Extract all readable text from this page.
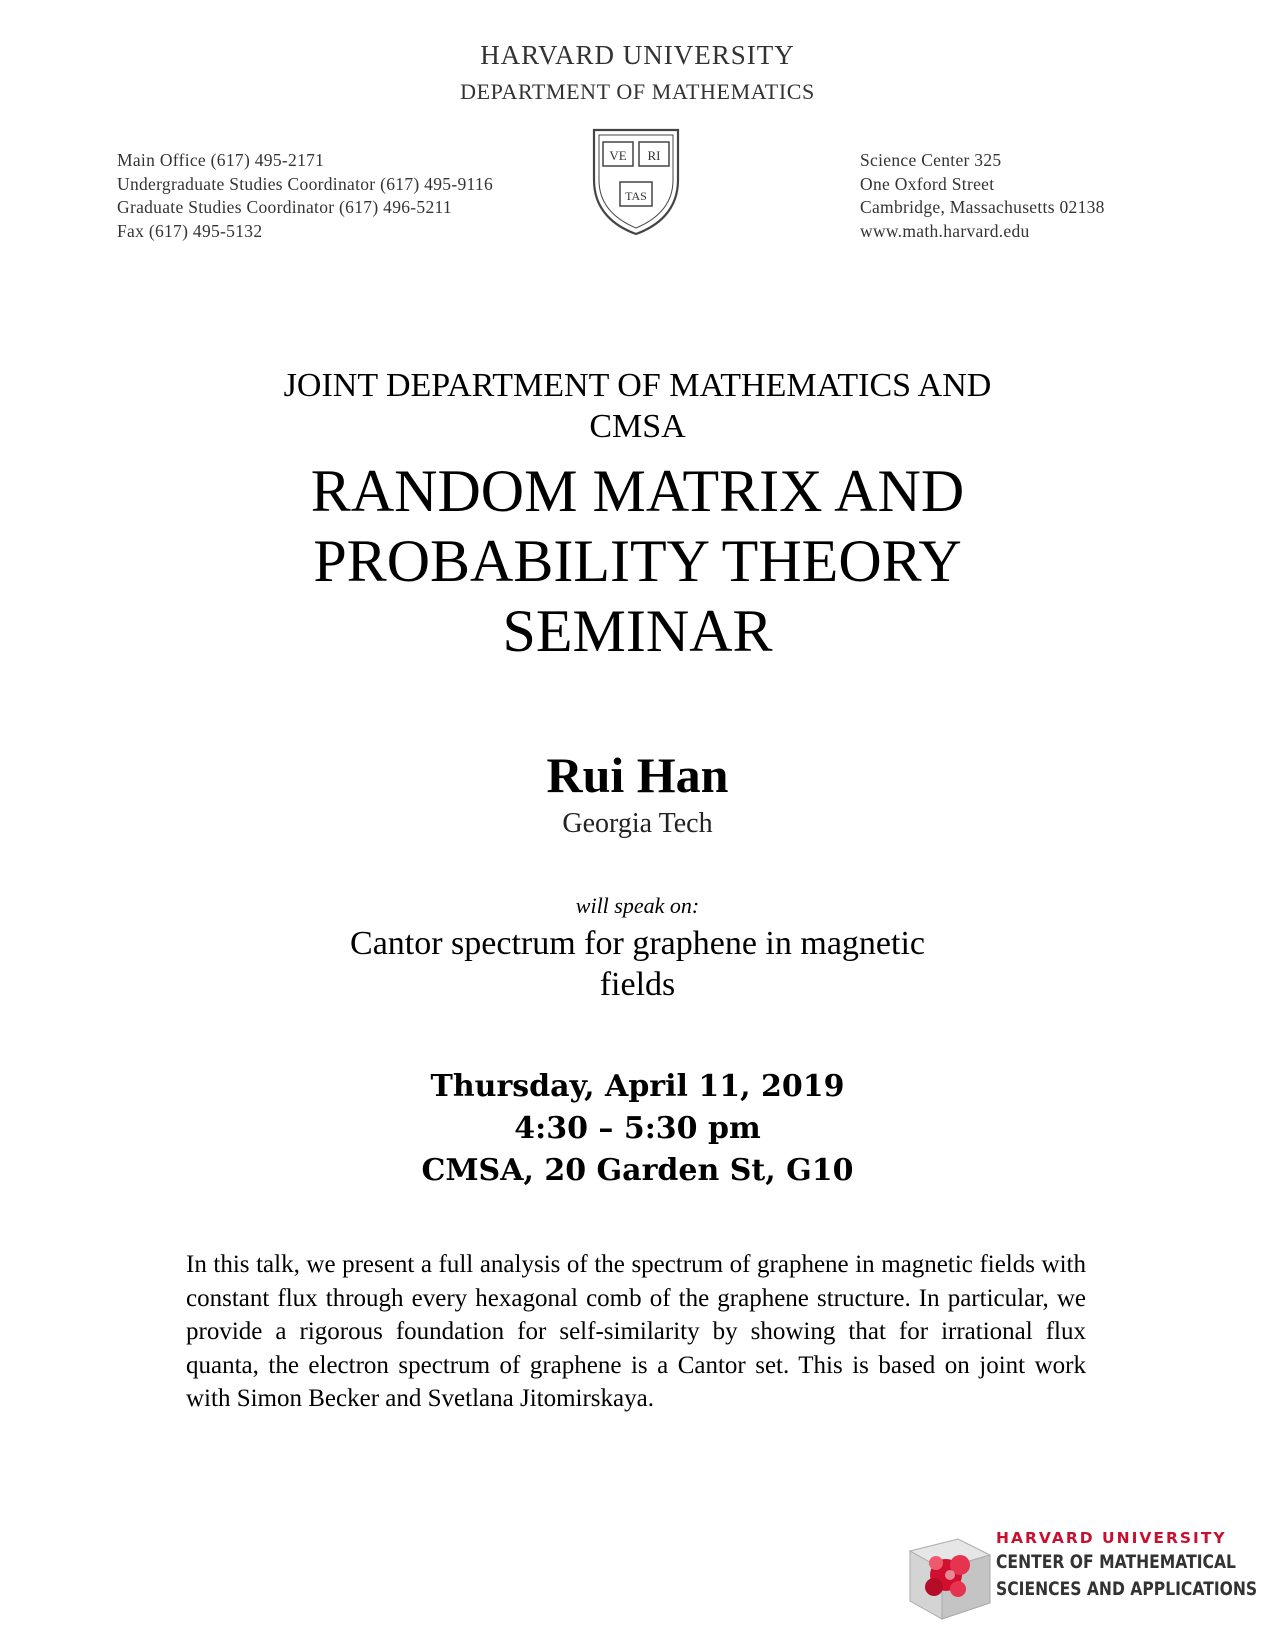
HARVARD UNIVERSITY
DEPARTMENT OF MATHEMATICS
Main Office (617) 495-2171
Undergraduate Studies Coordinator (617) 495-9116
Graduate Studies Coordinator (617) 496-5211
Fax (617) 495-5132
VE RI
TAS
Science Center 325
One Oxford Street
Cambridge, Massachusetts 02138
www.math.harvard.edu
JOINT DEPARTMENT OF MATHEMATICS AND
CMSA
RANDOM MATRIX AND
PROBABILITY THEORY
SEMINAR
Rui Han
Georgia Tech
will speak on:
Cantor spectrum for graphene in magnetic
fields
Thursday, April 11, 2019
4:30 – 5:30 pm
CMSA, 20 Garden St, G10
In this talk, we present a full analysis of the spectrum of graphene in magnetic fields with constant flux through every hexagonal comb of the graphene structure. In particular, we provide a rigorous foundation for self-similarity by showing that for irrational flux quanta, the electron spectrum of graphene is a Cantor set. This is based on joint work with Simon Becker and Svetlana Jitomirskaya.
HARVARD UNIVERSITY
CENTER OF MATHEMATICAL
SCIENCES AND APPLICATIONS
